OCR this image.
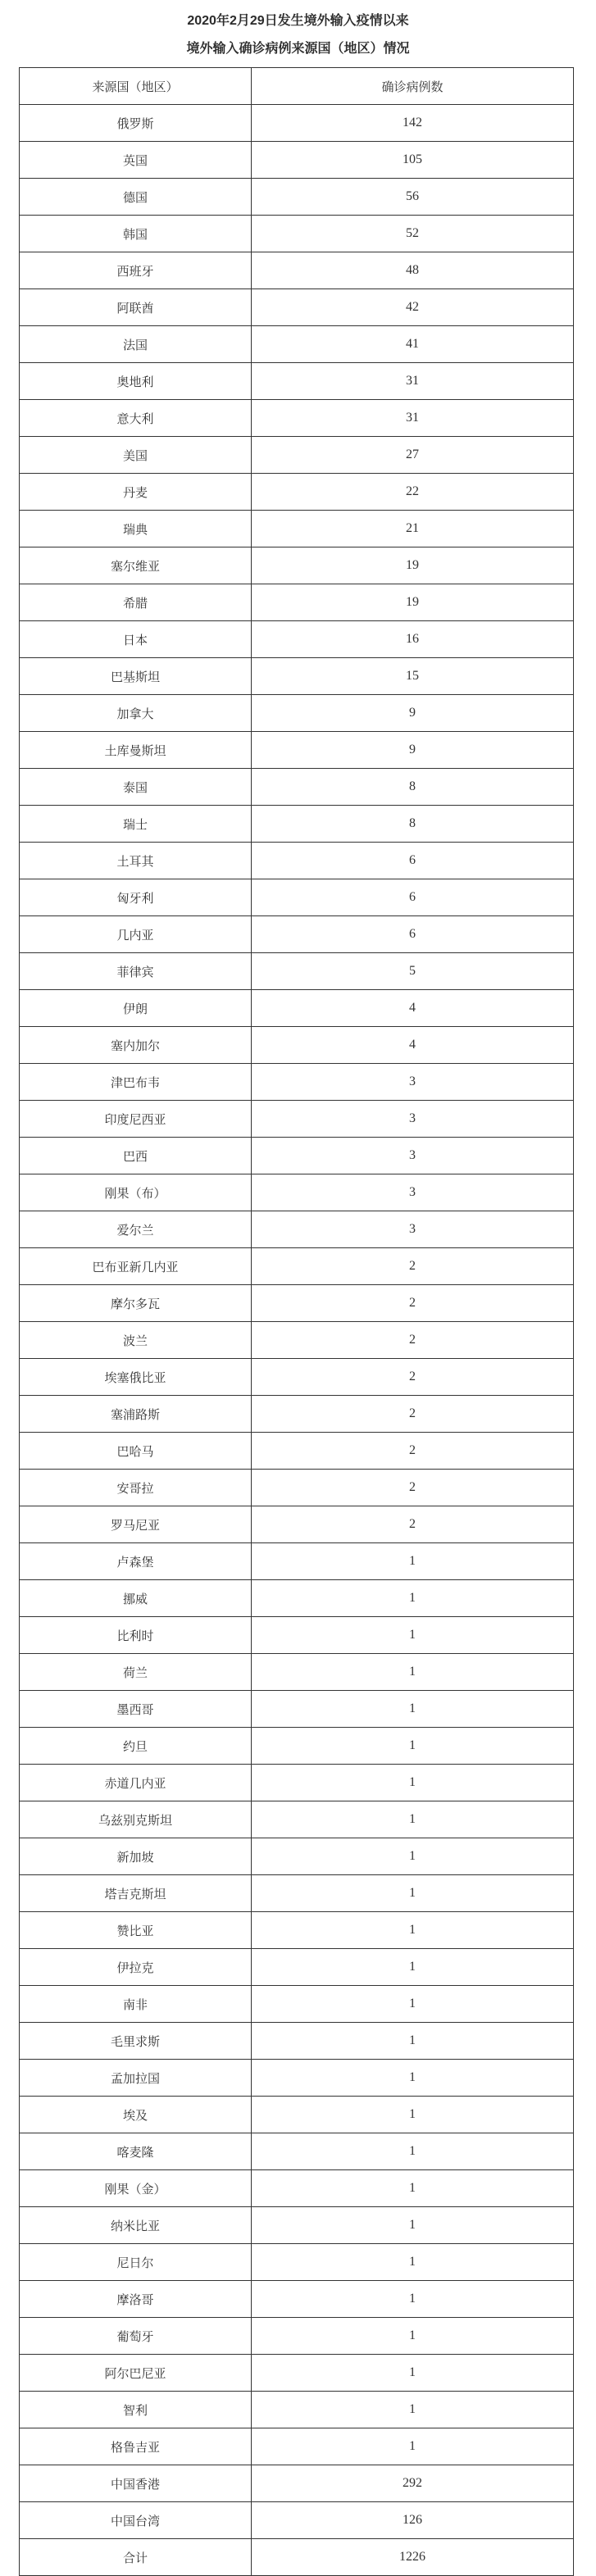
2020年2月29日发生境外输入疫情以来
境外输入确诊病例来源国（地区）情况
来源国（地区）	确诊病例数
俄罗斯	142
英国	105
德国	56
韩国	52
西班牙	48
阿联酋	42
法国	41
奥地利	31
意大利	31
美国	27
丹麦	22
瑞典	21
塞尔维亚	19
希腊	19
日本	16
巴基斯坦	15
加拿大	9
土库曼斯坦	9
泰国	8
瑞士	8
土耳其	6
匈牙利	6
几内亚	6
菲律宾	5
伊朗	4
塞内加尔	4
津巴布韦	3
印度尼西亚	3
巴西	3
刚果（布）	3
爱尔兰	3
巴布亚新几内亚	2
摩尔多瓦	2
波兰	2
埃塞俄比亚	2
塞浦路斯	2
巴哈马	2
安哥拉	2
罗马尼亚	2
卢森堡	1
挪威	1
比利时	1
荷兰	1
墨西哥	1
约旦	1
赤道几内亚	1
乌兹别克斯坦	1
新加坡	1
塔吉克斯坦	1
赞比亚	1
伊拉克	1
南非	1
毛里求斯	1
孟加拉国	1
埃及	1
喀麦隆	1
刚果（金）	1
纳米比亚	1
尼日尔	1
摩洛哥	1
葡萄牙	1
阿尔巴尼亚	1
智利	1
格鲁吉亚	1
中国香港	292
中国台湾	126
合计	1226
